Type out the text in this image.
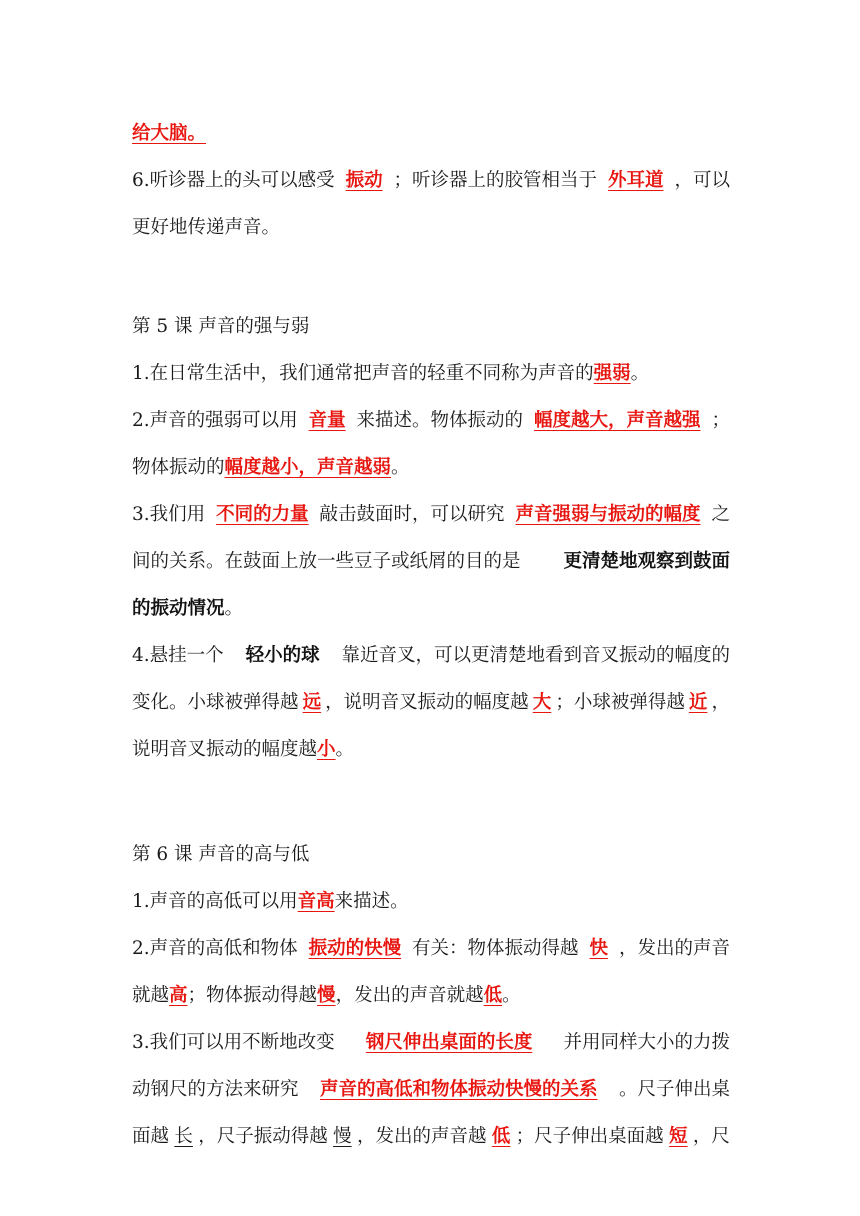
给大脑。
6.听诊器上的头可以感受 振动 ；听诊器上的胶管相当于 外耳道 ，可以
更好地传递声音。
第 5 课 声音的强与弱
1.在日常生活中，我们通常把声音的轻重不同称为声音的强弱。
2.声音的强弱可以用 音量 来描述。物体振动的 幅度越大，声音越强 ；
物体振动的幅度越小，声音越弱。
3.我们用 不同的力量 敲击鼓面时，可以研究 声音强弱与振动的幅度 之
间的关系。在鼓面上放一些豆子或纸屑的目的是 更清楚地观察到鼓面
的振动情况。
4.悬挂一个 轻小的球 靠近音叉，可以更清楚地看到音叉振动的幅度的
变化。小球被弹得越 远 ，说明音叉振动的幅度越 大 ；小球被弹得越 近 ，
说明音叉振动的幅度越小。
第 6 课 声音的高与低
1.声音的高低可以用音高来描述。
2.声音的高低和物体 振动的快慢 有关：物体振动得越 快 ，发出的声音
就越高；物体振动得越慢，发出的声音就越低。
3.我们可以用不断地改变 钢尺伸出桌面的长度 并用同样大小的力拨
动钢尺的方法来研究 声音的高低和物体振动快慢的关系 。尺子伸出桌
面越 长 ，尺子振动得越 慢 ，发出的声音越 低 ；尺子伸出桌面越 短 ，尺
